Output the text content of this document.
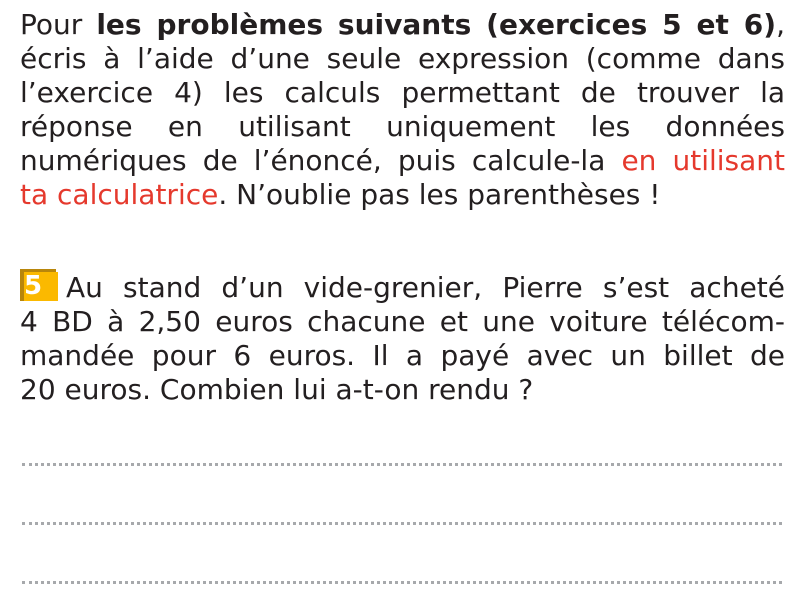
Pour les problèmes suivants (exercices 5 et 6),
écris à l’aide d’une seule expression (comme dans
l’exercice 4) les calculs permettant de trouver la
réponse en utilisant uniquement les données
numériques de l’énoncé, puis calcule-la en utilisant
ta calculatrice. N’oublie pas les parenthèses !
5 Au stand d’un vide-grenier, Pierre s’est acheté
4 BD à 2,50 euros chacune et une voiture télécom-
mandée pour 6 euros. Il a payé avec un billet de
20 euros. Combien lui a-t-on rendu ?
